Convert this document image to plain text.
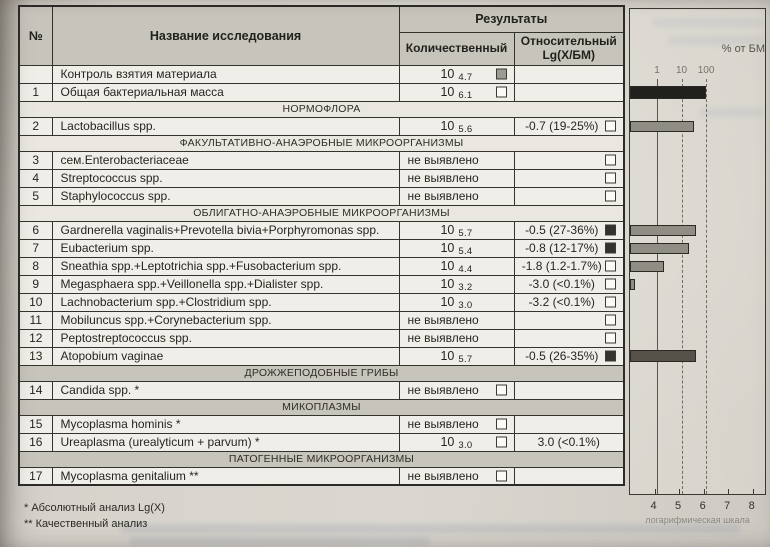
№	Название исследования	Результаты	
		Количественный	Относительный
Lg(X/БМ)
	Контроль взятия материала	10 4.7

1	Общая бактериальная масса	10 6.1

НОРМОФЛОРА			
2	Lactobacillus spp.	10 5.6	-0.7 (19-25%)

ФАКУЛЬТАТИВНО-АНАЭРОБНЫЕ МИКРООРГАНИЗМЫ			
3	сем.Enterobacteriaceae	не выявлено	

4	Streptococcus spp.	не выявлено	

5	Staphylococcus spp.	не выявлено	

ОБЛИГАТНО-АНАЭРОБНЫЕ МИКРООРГАНИЗМЫ			
6	Gardnerella vaginalis+Prevotella bivia+Porphyromonas spp.	10 5.7	-0.5 (27-36%)

7	Eubacterium spp.	10 5.4	-0.8 (12-17%)

8	Sneathia spp.+Leptotrichia spp.+Fusobacterium spp.	10 4.4	-1.8 (1.2-1.7%)

9	Megasphaera spp.+Veillonella spp.+Dialister spp.	10 3.2	-3.0 (<0.1%)

10	Lachnobacterium spp.+Clostridium spp.	10 3.0	-3.2 (<0.1%)

11	Mobiluncus spp.+Corynebacterium spp.	не выявлено	

12	Peptostreptococcus spp.	не выявлено	

13	Atopobium vaginae	10 5.7	-0.5 (26-35%)

ДРОЖЖЕПОДОБНЫЕ ГРИБЫ			
14	Candida spp. *	не выявлено	

МИКОПЛАЗМЫ			
15	Mycoplasma hominis *	не выявлено	

16	Ureaplasma (urealyticum + parvum) *	10 3.0	3.0 (<0.1%)
ПАТОГЕННЫЕ МИКРООРГАНИЗМЫ			
17	Mycoplasma genitalium **	не выявлено	

* Абсолютный анализ Lg(X)
** Качественный анализ
% от БМ
1 10 100
логарифмическая шкала
4 5 6 7 8
